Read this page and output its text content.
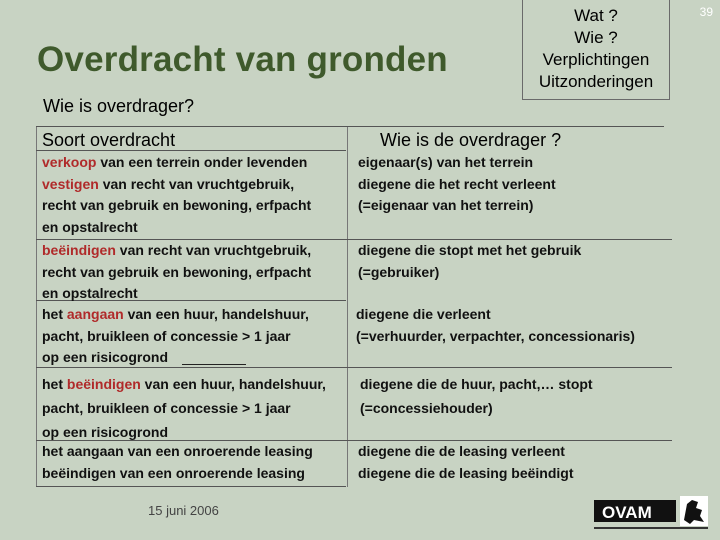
39
Overdracht van gronden
Wie is overdrager?
Wat ?
Wie ?
Verplichtingen
Uitzonderingen
Soort overdracht	Wie is de overdrager ?
verkoop van een terrein onder levenden
vestigen van recht van vruchtgebruik,
recht van gebruik en bewoning, erfpacht
en opstalrecht
eigenaar(s) van het terrein
diegene die het recht verleent
(=eigenaar van het terrein)
beëindigen van recht van vruchtgebruik,
recht van gebruik en bewoning, erfpacht
en opstalrecht
diegene die stopt met het gebruik
(=gebruiker)
het aangaan van een huur, handelshuur,
pacht, bruikleen of concessie > 1 jaar
op een risicogrond
diegene die verleent
(=verhuurder, verpachter, concessionaris)
het beëindigen van een huur, handelshuur,
pacht, bruikleen of concessie > 1 jaar
op een risicogrond
diegene die de huur, pacht,… stopt
(=concessiehouder)
het aangaan van een onroerende leasing
beëindigen van een onroerende leasing
diegene die de leasing verleent
diegene die de leasing beëindigt
15 juni 2006	OVAM
